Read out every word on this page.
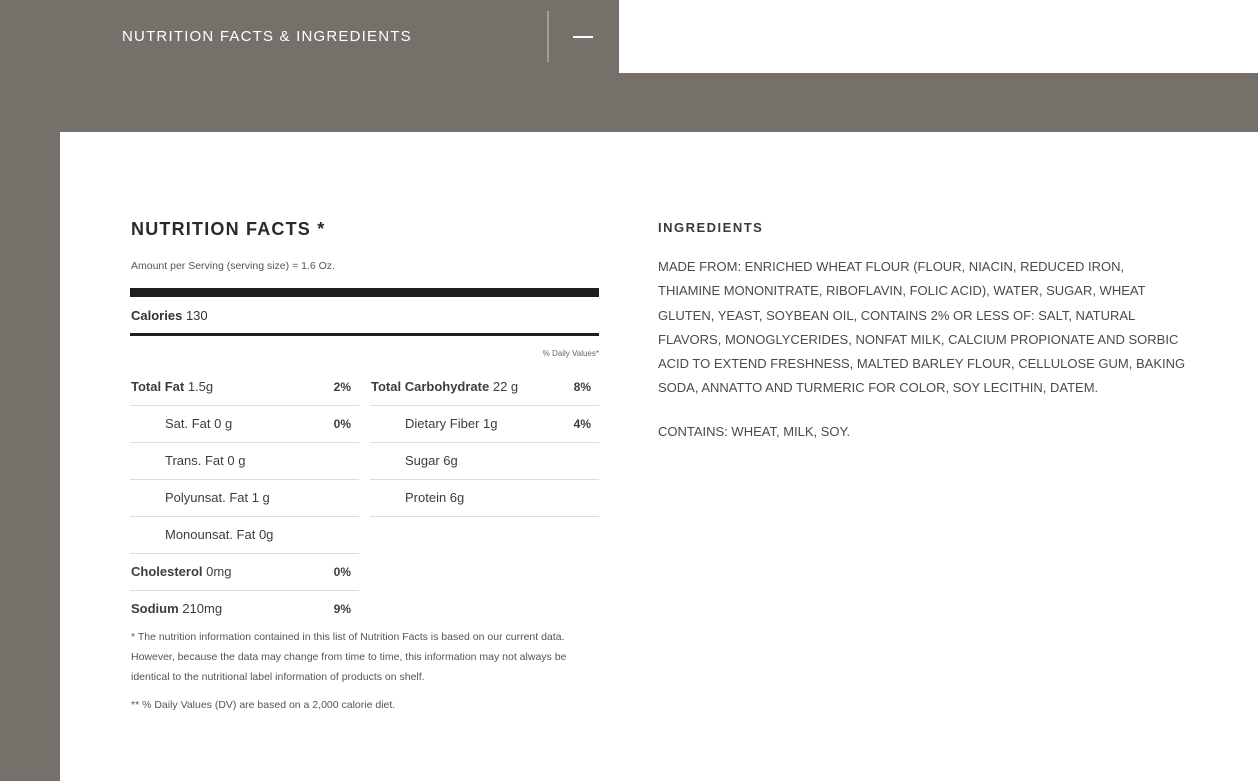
NUTRITION FACTS & INGREDIENTS
NUTRITION FACTS *
Amount per Serving (serving size) = 1.6 Oz.
Calories 130
% Daily Values*
Total Fat 1.5g	2%
Sat. Fat 0 g	0%
Trans. Fat 0 g
Polyunsat. Fat 1 g
Monounsat. Fat 0g
Cholesterol 0mg	0%
Sodium 210mg	9%
Total Carbohydrate 22 g	8%
Dietary Fiber 1g	4%
Sugar 6g
Protein 6g
* The nutrition information contained in this list of Nutrition Facts is based on our current data. However, because the data may change from time to time, this information may not always be identical to the nutritional label information of products on shelf.
** % Daily Values (DV) are based on a 2,000 calorie diet.
INGREDIENTS
MADE FROM: ENRICHED WHEAT FLOUR (FLOUR, NIACIN, REDUCED IRON, THIAMINE MONONITRATE, RIBOFLAVIN, FOLIC ACID), WATER, SUGAR, WHEAT GLUTEN, YEAST, SOYBEAN OIL, CONTAINS 2% OR LESS OF: SALT, NATURAL FLAVORS, MONOGLYCERIDES, NONFAT MILK, CALCIUM PROPIONATE AND SORBIC ACID TO EXTEND FRESHNESS, MALTED BARLEY FLOUR, CELLULOSE GUM, BAKING SODA, ANNATTO AND TURMERIC FOR COLOR, SOY LECITHIN, DATEM.
CONTAINS: WHEAT, MILK, SOY.
